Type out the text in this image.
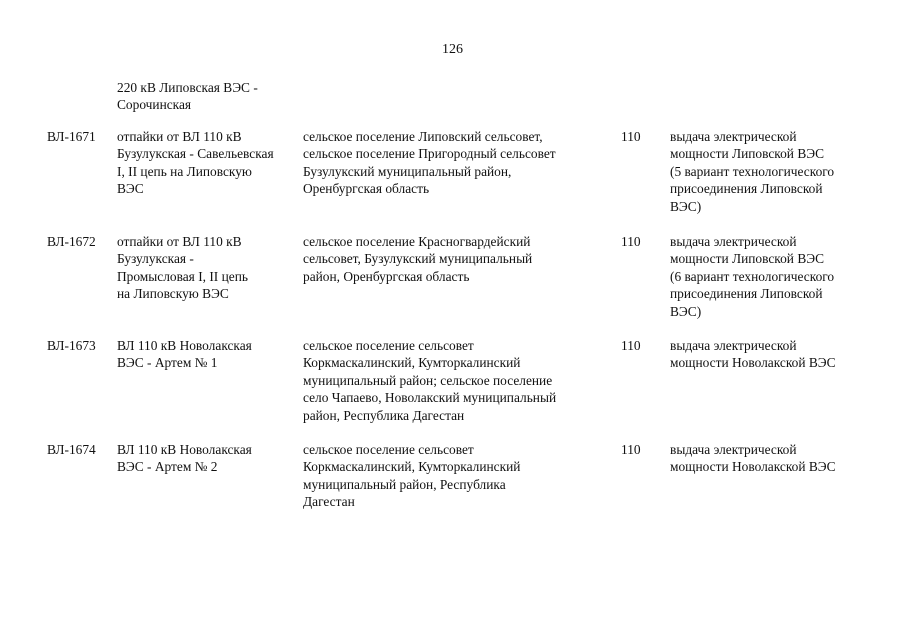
126
220 кВ Липовская ВЭС -
Сорочинская
ВЛ-1671 отпайки от ВЛ 110 кВ
Бузулукская - Савельевская
I, II цепь на Липовскую
ВЭС
сельское поселение Липовский сельсовет,
сельское поселение Пригородный сельсовет
Бузулукский муниципальный район,
Оренбургская область
110 выдача электрической
мощности Липовской ВЭС
(5 вариант технологического
присоединения Липовской
ВЭС)
ВЛ-1672 отпайки от ВЛ 110 кВ
Бузулукская -
Промысловая I, II цепь
на Липовскую ВЭС
сельское поселение Красногвардейский
сельсовет, Бузулукский муниципальный
район, Оренбургская область
110 выдача электрической
мощности Липовской ВЭС
(6 вариант технологического
присоединения Липовской
ВЭС)
ВЛ-1673 ВЛ 110 кВ Новолакская
ВЭС - Артем № 1
сельское поселение сельсовет
Коркмаскалинский, Кумторкалинский
муниципальный район; сельское поселение
село Чапаево, Новолакский муниципальный
район, Республика Дагестан
110 выдача электрической
мощности Новолакской ВЭС
ВЛ-1674 ВЛ 110 кВ Новолакская
ВЭС - Артем № 2
сельское поселение сельсовет
Коркмаскалинский, Кумторкалинский
муниципальный район, Республика
Дагестан
110 выдача электрической
мощности Новолакской ВЭС
